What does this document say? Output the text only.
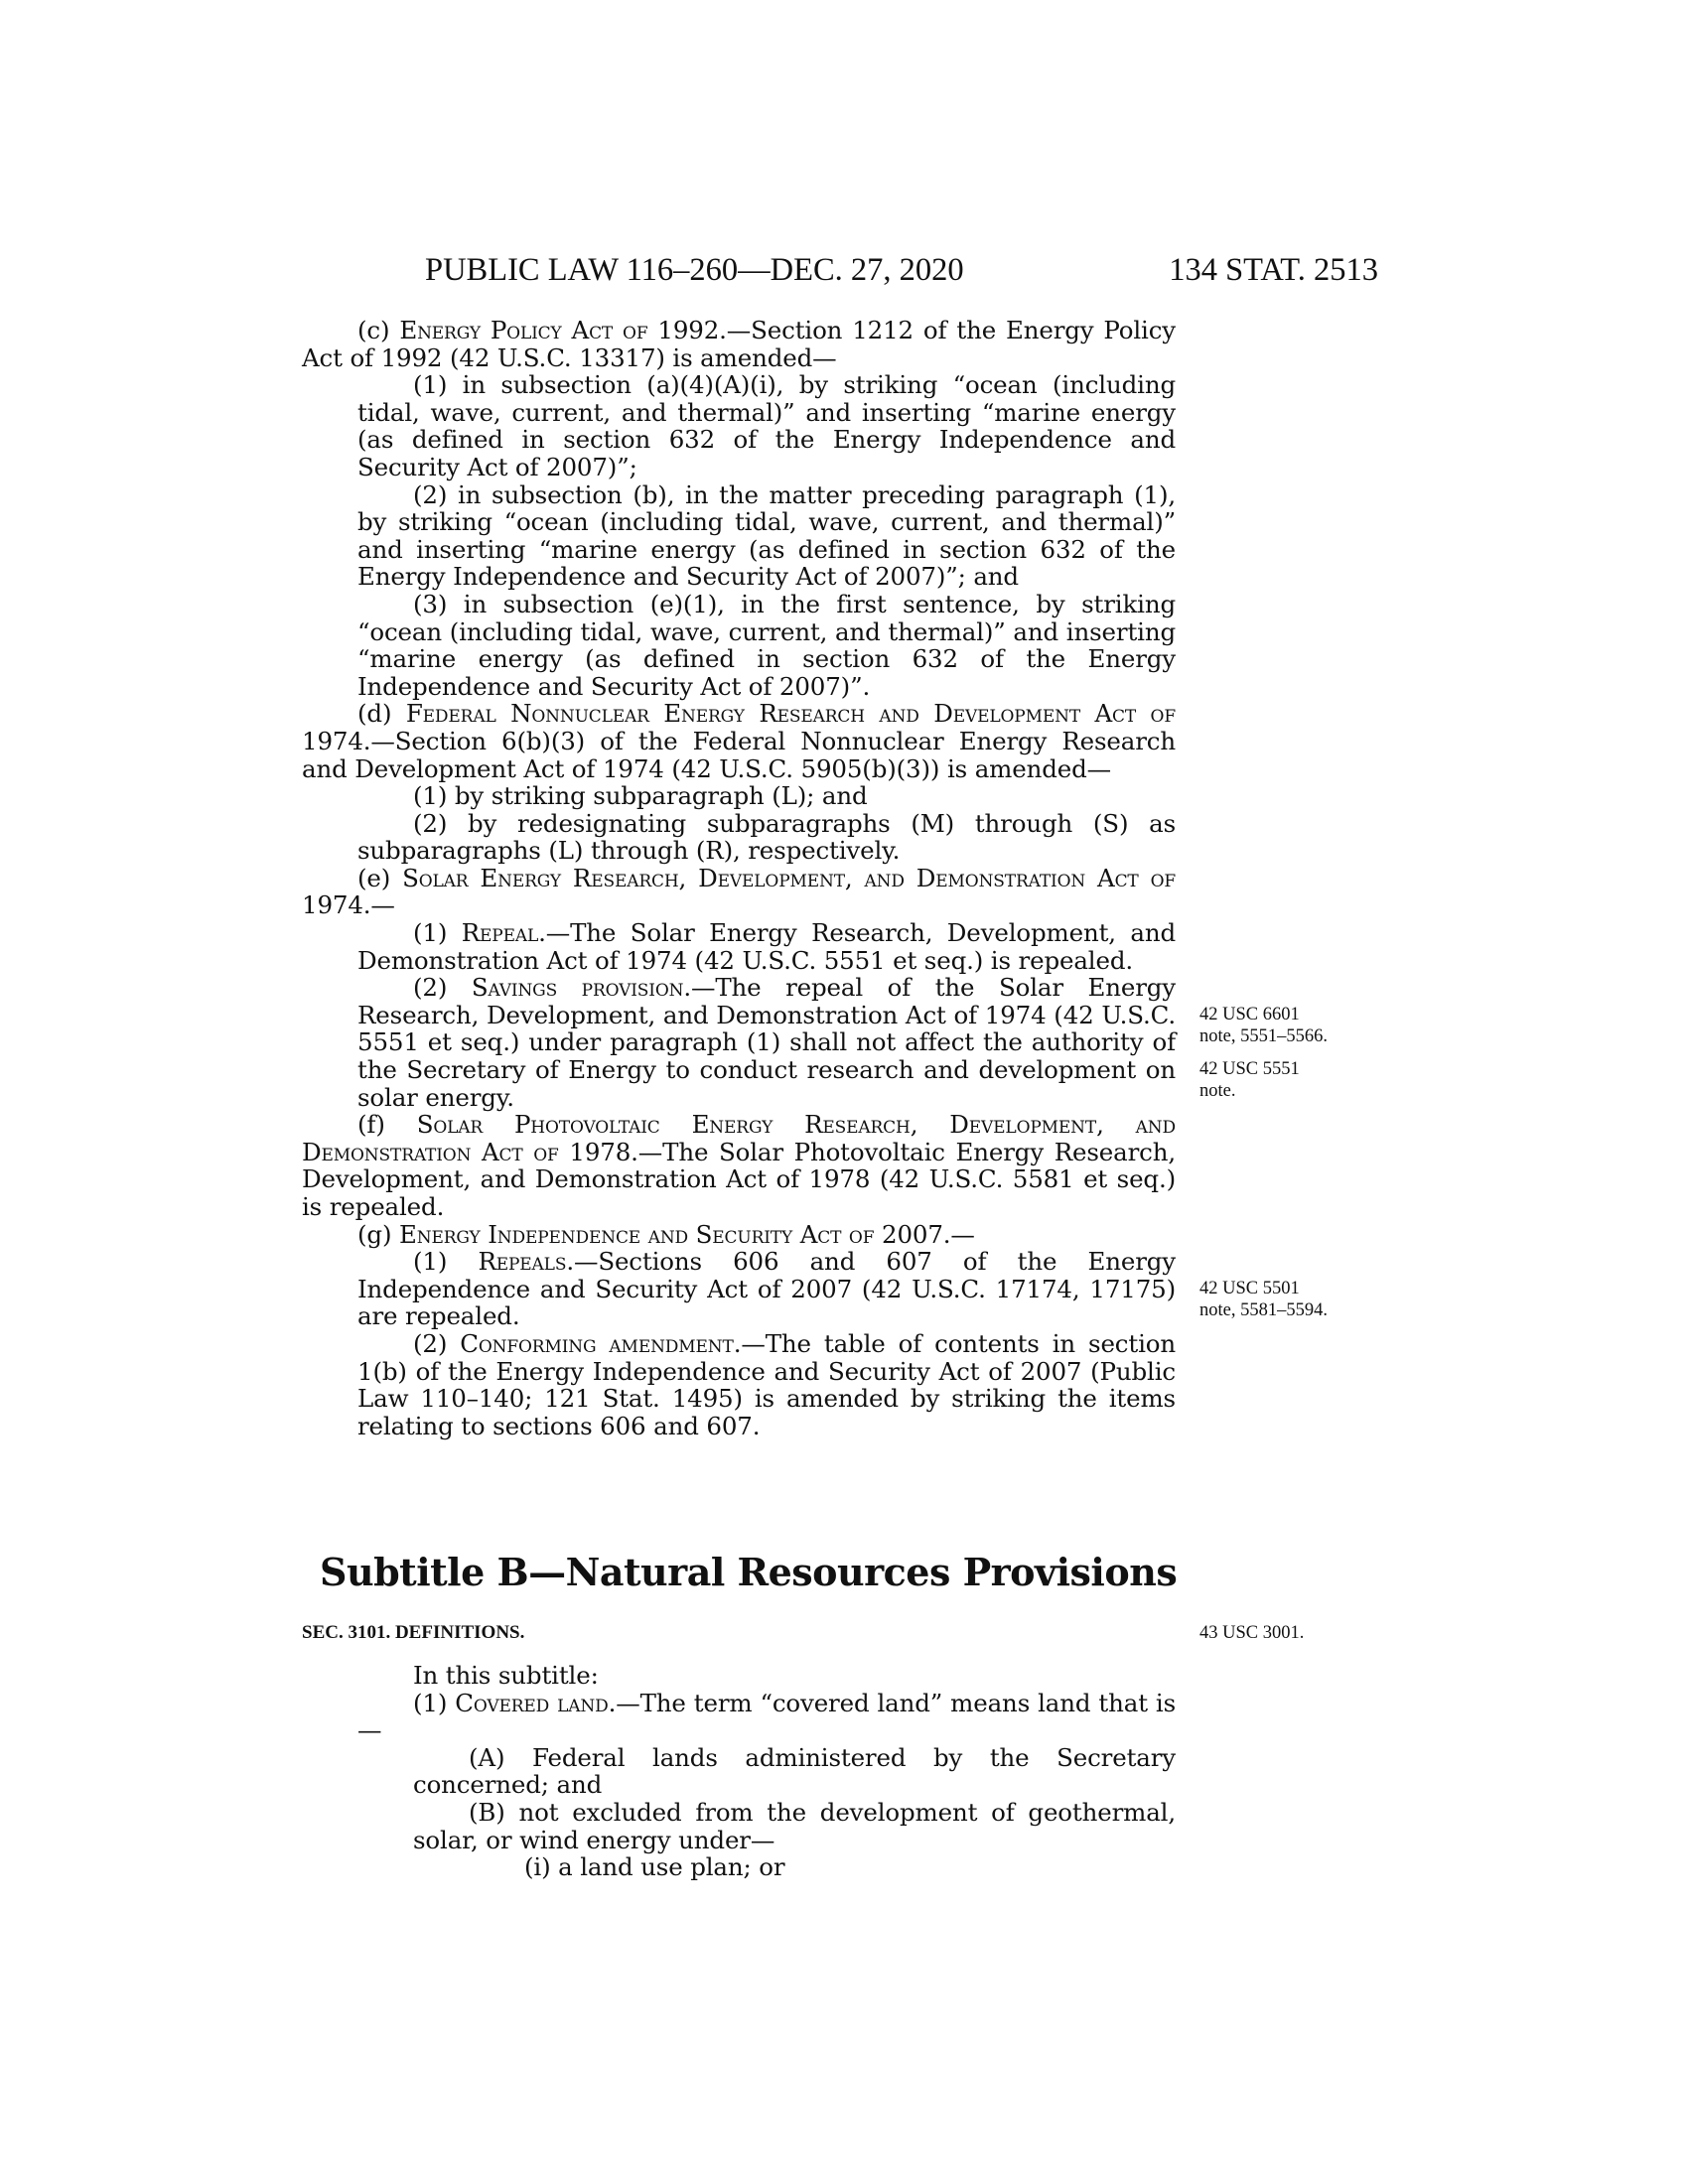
PUBLIC LAW 116–260—DEC. 27, 2020	134 STAT. 2513

(c) Energy Policy Act of 1992.—Section 1212 of the Energy Policy Act of 1992 (42 U.S.C. 13317) is amended—

(1) in subsection (a)(4)(A)(i), by striking “ocean (including tidal, wave, current, and thermal)” and inserting “marine energy (as defined in section 632 of the Energy Independence and Security Act of 2007)”;

(2) in subsection (b), in the matter preceding paragraph (1), by striking “ocean (including tidal, wave, current, and thermal)” and inserting “marine energy (as defined in section 632 of the Energy Independence and Security Act of 2007)”; and

(3) in subsection (e)(1), in the first sentence, by striking “ocean (including tidal, wave, current, and thermal)” and inserting “marine energy (as defined in section 632 of the Energy Independence and Security Act of 2007)”.

(d) Federal Nonnuclear Energy Research and Development Act of 1974.—Section 6(b)(3) of the Federal Nonnuclear Energy Research and Development Act of 1974 (42 U.S.C. 5905(b)(3)) is amended—

(1) by striking subparagraph (L); and

(2) by redesignating subparagraphs (M) through (S) as subparagraphs (L) through (R), respectively.

(e) Solar Energy Research, Development, and Demonstration Act of 1974.—

(1) Repeal.—The Solar Energy Research, Development, and Demonstration Act of 1974 (42 U.S.C. 5551 et seq.) is repealed.

(2) Savings provision.—The repeal of the Solar Energy Research, Development, and Demonstration Act of 1974 (42 U.S.C. 5551 et seq.) under paragraph (1) shall not affect the authority of the Secretary of Energy to conduct research and development on solar energy.

(f) Solar Photovoltaic Energy Research, Development, and Demonstration Act of 1978.—The Solar Photovoltaic Energy Research, Development, and Demonstration Act of 1978 (42 U.S.C. 5581 et seq.) is repealed.

(g) Energy Independence and Security Act of 2007.—

(1) Repeals.—Sections 606 and 607 of the Energy Independence and Security Act of 2007 (42 U.S.C. 17174, 17175) are repealed.

(2) Conforming amendment.—The table of contents in section 1(b) of the Energy Independence and Security Act of 2007 (Public Law 110–140; 121 Stat. 1495) is amended by striking the items relating to sections 606 and 607.

Subtitle B—Natural Resources Provisions
SEC. 3101. DEFINITIONS.

In this subtitle:

(1) Covered land.—The term “covered land” means land that is—

(A) Federal lands administered by the Secretary concerned; and

(B) not excluded from the development of geothermal, solar, or wind energy under—

(i) a land use plan; or

42 USC 6601
note, 5551–5566.
42 USC 5551
note.
42 USC 5501
note, 5581–5594.
43 USC 3001.
